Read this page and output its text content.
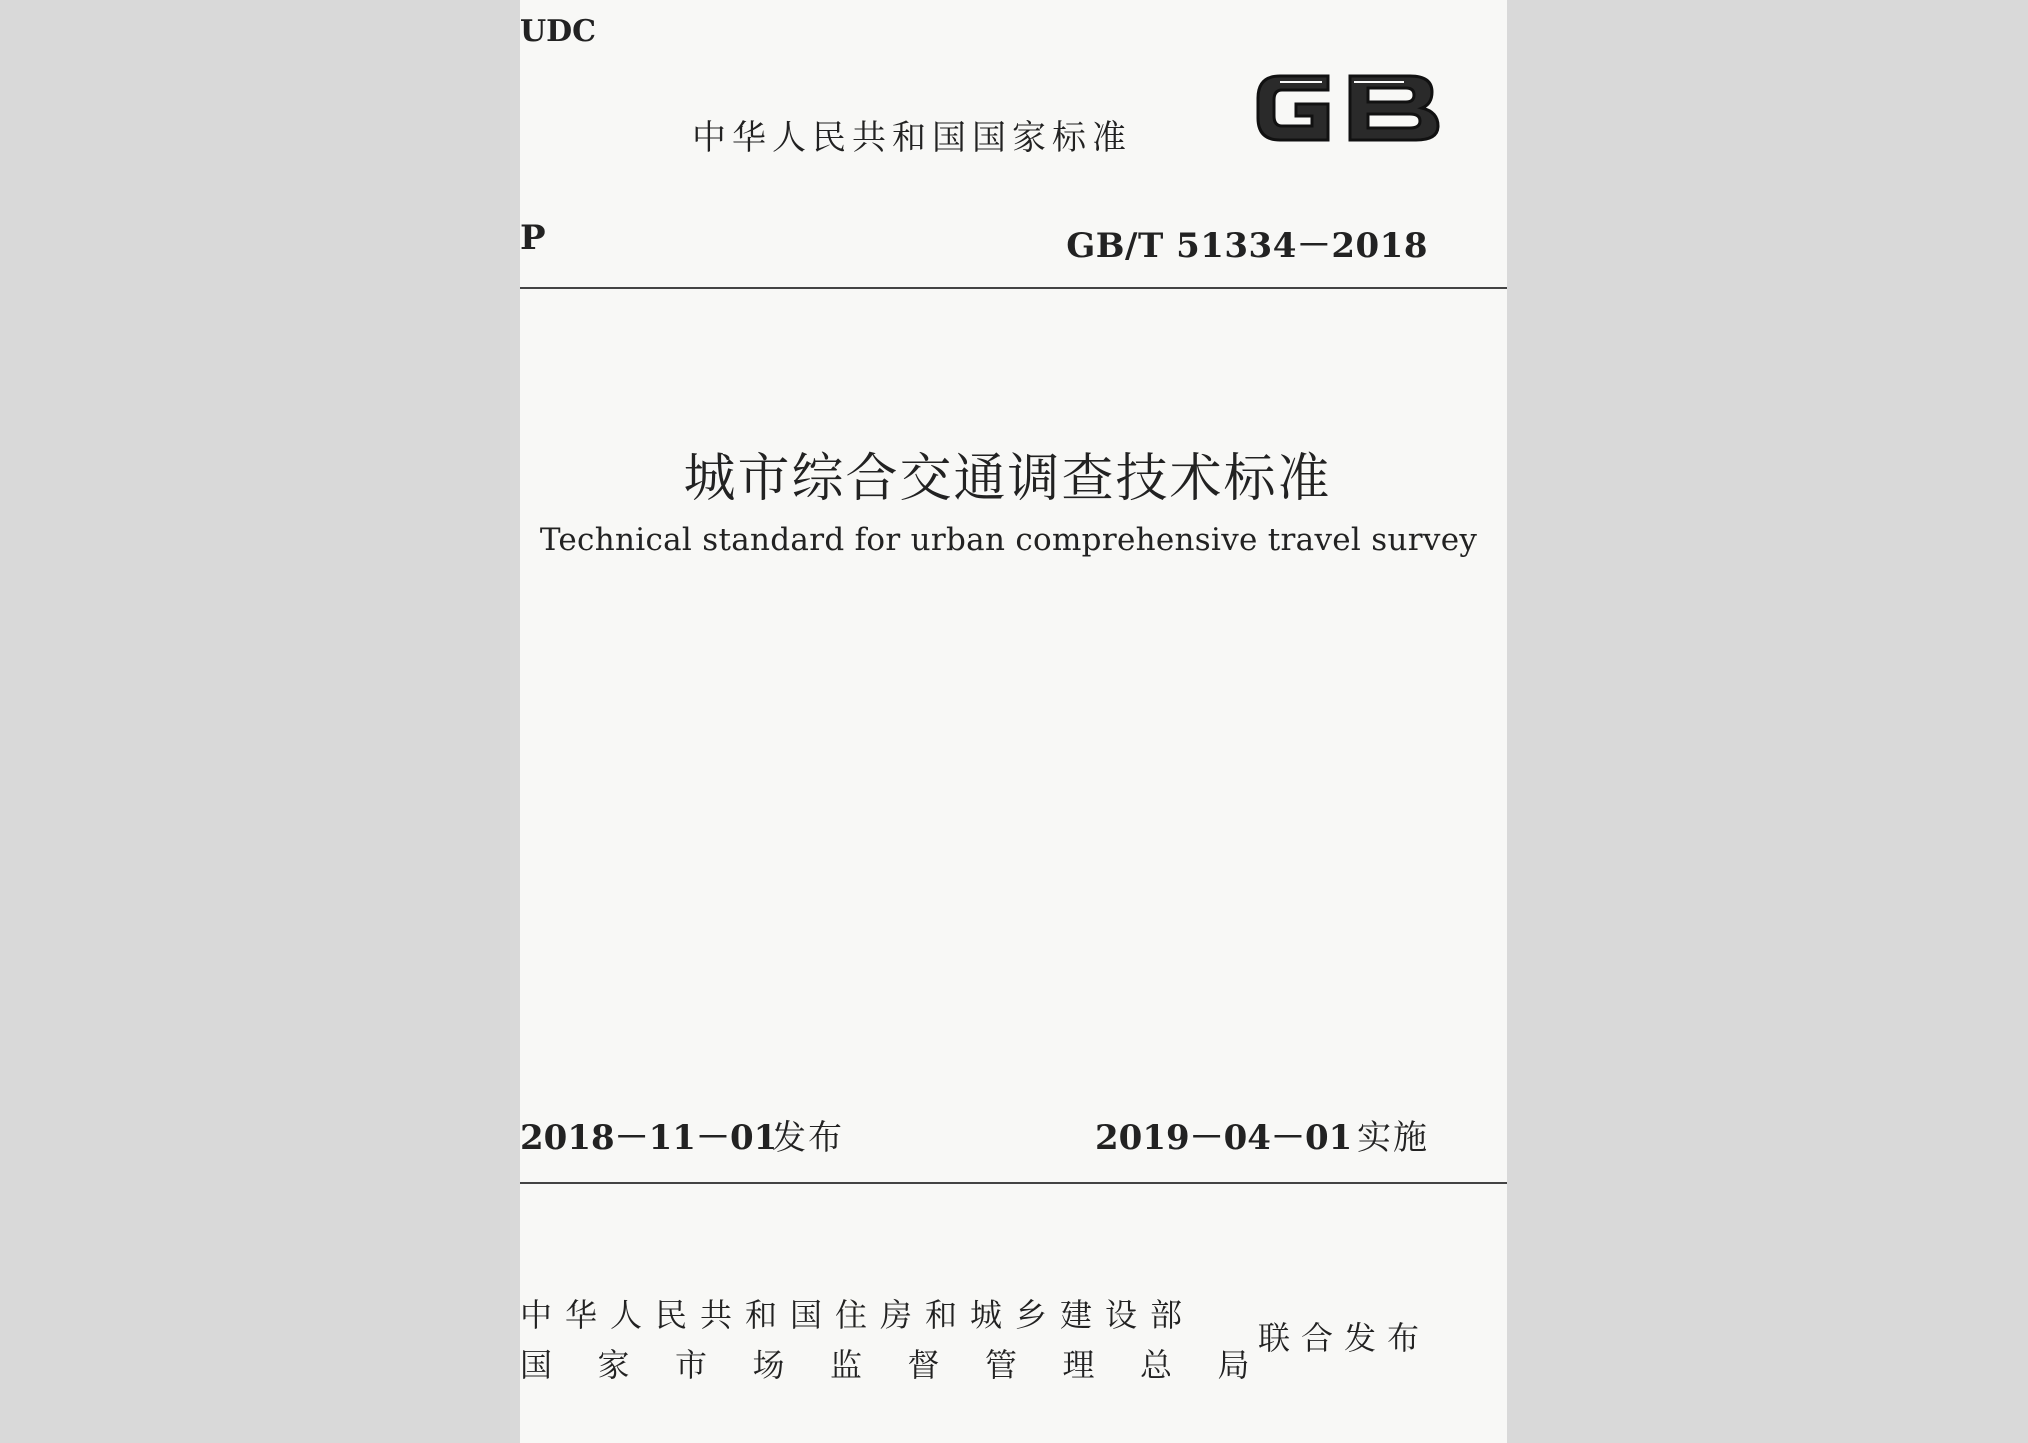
UDC
中华人民共和国国家标准
P	GB/T 51334－2018
城市综合交通调查技术标准
Technical standard for urban comprehensive travel survey
2018－11－01
发布	2019－04－01 实施
中华人民共和国住房和城乡建设部
国家市场监督管理总局
联合发布
